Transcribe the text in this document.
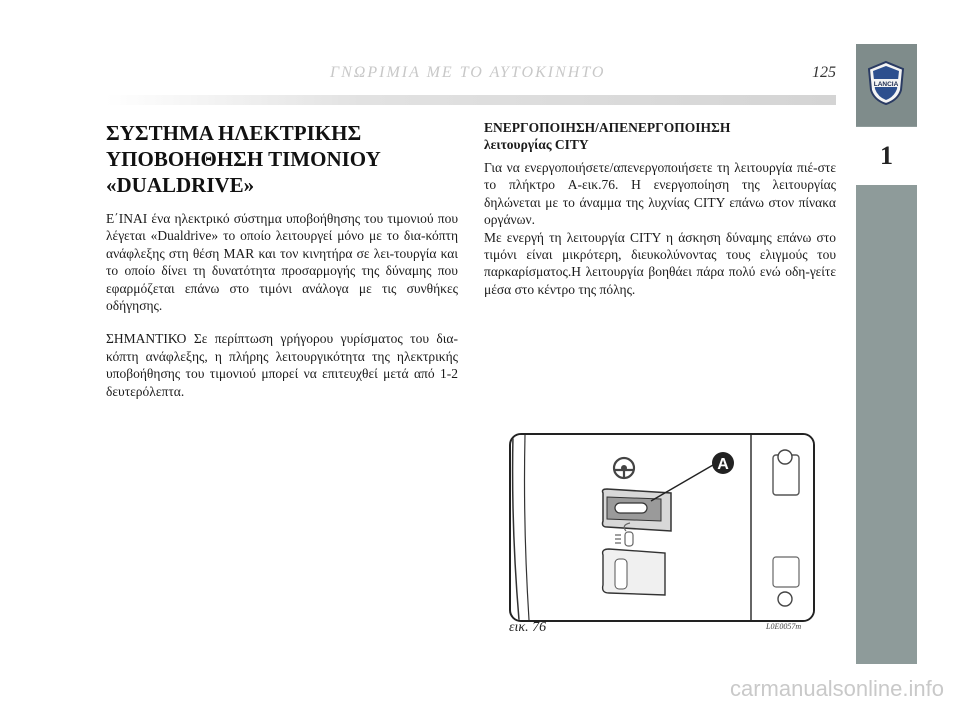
ΓΝΩΡΙΜΙΑ ΜΕ ΤΟ ΑΥΤΟΚΙΝΗΤΟ	125
LANCIA
1
ΣΥΣΤΗΜΑ ΗΛΕΚΤΡΙΚΗΣ
ΥΠΟΒΟΗΘΗΣΗ ΤΙΜΟΝΙΟΥ
«DUALDRIVE»

Ε΄ΙΝΑΙ ένα ηλεκτρικό σύστημα υποβοήθησης του τιμονιού που λέγεται «Dualdrive» το οποίο λειτουργεί μόνο με το δια-κόπτη ανάφλεξης στη θέση MAR και τον κινητήρα σε λει-τουργία και το οποίο δίνει τη δυνατότητα προσαρμογής της δύναμης που εφαρμόζεται επάνω στο τιμόνι ανάλογα με τις συνθήκες οδήγησης.

ΣΗΜΑΝΤΙΚΟ Σε περίπτωση γρήγορου γυρίσματος του δια-κόπτη ανάφλεξης, η πλήρης λειτουργικότητα της ηλεκτρικής υποβοήθησης του τιμονιού μπορεί να επιτευχθεί μετά από 1-2 δευτερόλεπτα.

ΕΝΕΡΓΟΠΟΙΗΣΗ/ΑΠΕΝΕΡΓΟΠΟΙΗΣΗ
λειτουργίας CITY

Για να ενεργοποιήσετε/απενεργοποιήσετε τη λειτουργία πιέ-στε το πλήκτρο A-εικ.76. Η ενεργοποίηση της λειτουργίας δηλώνεται με το άναμμα της λυχνίας CITY επάνω στον πίνακα οργάνων.

Με ενεργή τη λειτουργία CITY η άσκηση δύναμης επάνω στο τιμόνι είναι μικρότερη, διευκολύνοντας τους ελιγμούς του παρκαρίσματος.Η λειτουργία βοηθάει πάρα πολύ ενώ οδη-γείτε μέσα στο κέντρο της πόλης.

A
εικ. 76	L0E0057m
carmanualsonline.info
